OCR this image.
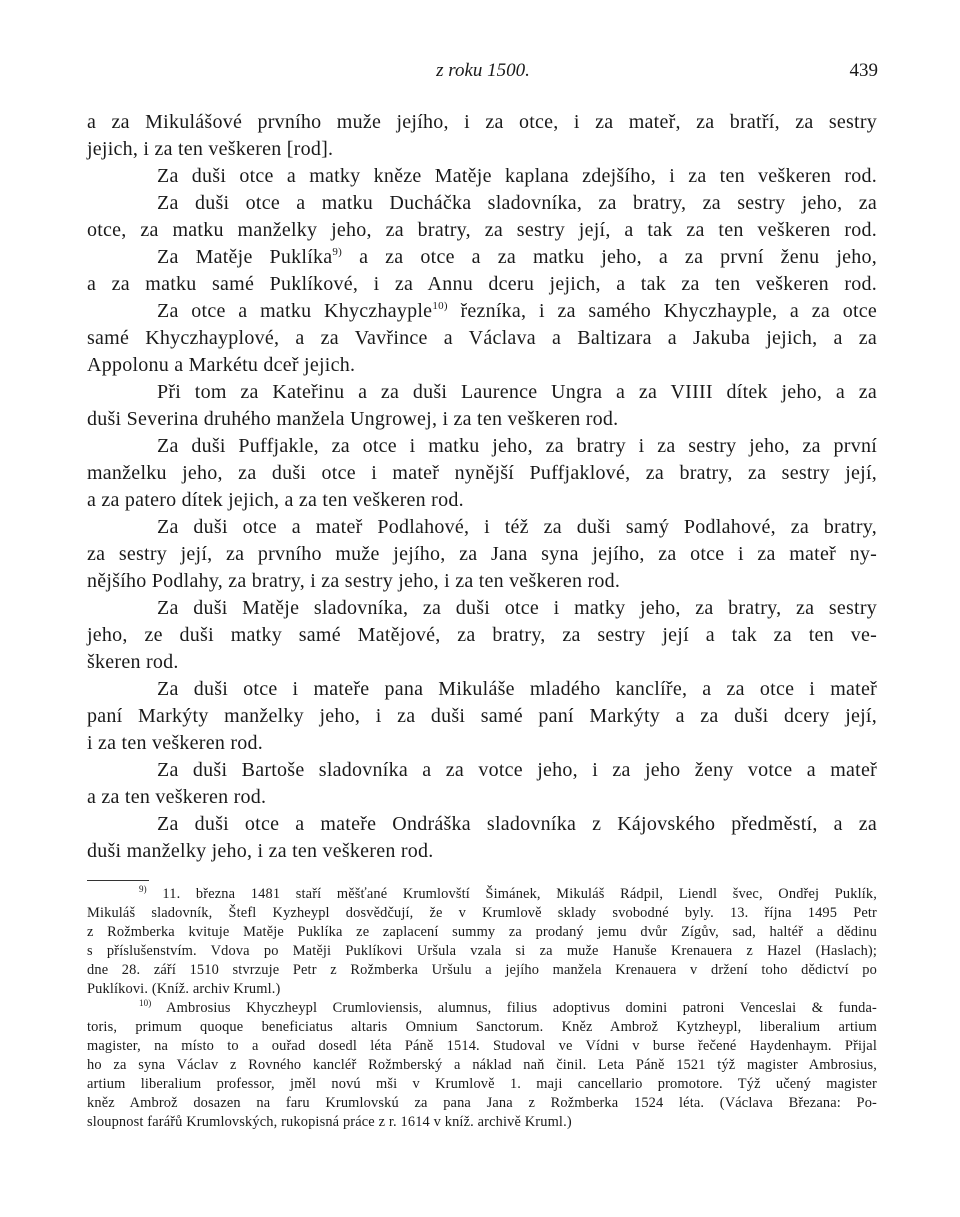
z roku 1500.	439

a za Mikulášové prvního muže jejího, i za otce, i za mateř, za bratří, za sestry
jejich, i za ten veškeren [rod].

Za duši otce a matky kněze Matěje kaplana zdejšího, i za ten veškeren rod.

Za duši otce a matku Ducháčka sladovníka, za bratry, za sestry jeho, za
otce, za matku manželky jeho, za bratry, za sestry její, a tak za ten veškeren rod.

Za Matěje Puklíka$^{9)}$ a za otce a za matku jeho, a za první ženu jeho,
a za matku samé Puklíkové, i za Annu dceru jejich, a tak za ten veškeren rod.

Za otce a matku Khyczhayple$^{10)}$ řezníka, i za samého Khyczhayple, a za otce
samé Khyczhayplové, a za Vavřince a Václava a Baltizara a Jakuba jejich, a za
Appolonu a Markétu dceř jejich.

Při tom za Kateřinu a za duši Laurence Ungra a za VIIII dítek jeho, a za
duši Severina druhého manžela Ungrowej, i za ten veškeren rod.

Za duši Puffjakle, za otce i matku jeho, za bratry i za sestry jeho, za první
manželku jeho, za duši otce i mateř nynější Puffjaklové, za bratry, za sestry její,
a za patero dítek jejich, a za ten veškeren rod.

Za duši otce a mateř Podlahové, i též za duši samý Podlahové, za bratry,
za sestry její, za prvního muže jejího, za Jana syna jejího, za otce i za mateř ny-
nějšího Podlahy, za bratry, i za sestry jeho, i za ten veškeren rod.

Za duši Matěje sladovníka, za duši otce i matky jeho, za bratry, za sestry
jeho, ze duši matky samé Matějové, za bratry, za sestry její a tak za ten ve-
škeren rod.

Za duši otce i mateře pana Mikuláše mladého kanclíře, a za otce i mateř
paní Markýty manželky jeho, i za duši samé paní Markýty a za duši dcery její,
i za ten veškeren rod.

Za duši Bartoše sladovníka a za votce jeho, i za jeho ženy votce a mateř
a za ten veškeren rod.

Za duši otce a mateře Ondráška sladovníka z Kájovského předměstí, a za
duši manželky jeho, i za ten veškeren rod.

$^{9)}$ 11. března 1481 staří měšťané Krumlovští Šimánek, Mikuláš Rádpil, Liendl švec, Ondřej Puklík,
Mikuláš sladovník, Štefl Kyzheypl dosvědčují, že v Krumlově sklady svobodné byly. 13. října 1495 Petr
z Rožmberka kvituje Matěje Puklíka ze zaplacení summy za prodaný jemu dvůr Zígův, sad, haltéř a dědinu
s příslušenstvím. Vdova po Matěji Puklíkovi Uršula vzala si za muže Hanuše Krenauera z Hazel (Haslach);
dne 28. září 1510 stvrzuje Petr z Rožmberka Uršulu a jejího manžela Krenauera v držení toho dědictví po
Puklíkovi. (Kníž. archiv Kruml.)

$^{10)}$ Ambrosius Khyczheypl Crumloviensis, alumnus, filius adoptivus domini patroni Venceslai & funda-
toris, primum quoque beneficiatus altaris Omnium Sanctorum. Kněz Ambrož Kytzheypl, liberalium artium
magister, na místo to a ouřad dosedl léta Páně 1514. Studoval ve Vídni v burse řečené Haydenhaym. Přijal
ho za syna Václav z Rovného kancléř Rožmberský a náklad naň činil. Leta Páně 1521 týž magister Ambrosius,
artium liberalium professor, jměl novú mši v Krumlově 1. maji cancellario promotore. Týž učený magister
kněz Ambrož dosazen na faru Krumlovskú za pana Jana z Rožmberka 1524 léta. (Václava Březana: Po-
sloupnost farářů Krumlovských, rukopisná práce z r. 1614 v kníž. archivě Kruml.)
